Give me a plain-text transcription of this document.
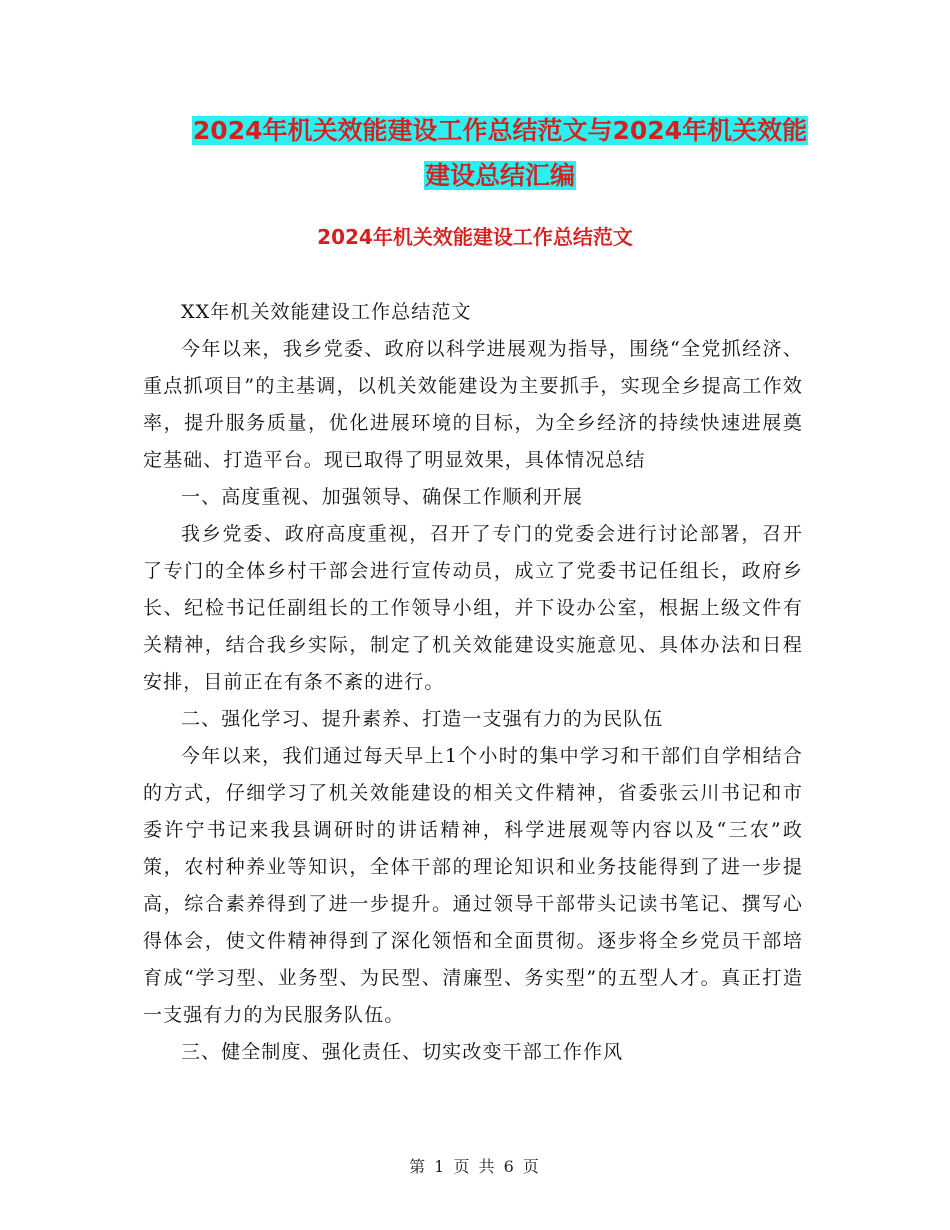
2024年机关效能建设工作总结范文与2024年机关效能
建设总结汇编
2024年机关效能建设工作总结范文

XX年机关效能建设工作总结范文

今年以来，我乡党委、政府以科学进展观为指导，围绕“全党抓经济、重点抓项目”的主基调，以机关效能建设为主要抓手，实现全乡提高工作效率，提升服务质量，优化进展环境的目标，为全乡经济的持续快速进展奠定基础、打造平台。现已取得了明显效果，具体情况总结

一、高度重视、加强领导、确保工作顺利开展

我乡党委、政府高度重视，召开了专门的党委会进行讨论部署，召开了专门的全体乡村干部会进行宣传动员，成立了党委书记任组长，政府乡长、纪检书记任副组长的工作领导小组，并下设办公室，根据上级文件有关精神，结合我乡实际，制定了机关效能建设实施意见、具体办法和日程安排，目前正在有条不紊的进行。

二、强化学习、提升素养、打造一支强有力的为民队伍

今年以来，我们通过每天早上1个小时的集中学习和干部们自学相结合的方式，仔细学习了机关效能建设的相关文件精神，省委张云川书记和市委许宁书记来我县调研时的讲话精神，科学进展观等内容以及“三农”政策，农村种养业等知识，全体干部的理论知识和业务技能得到了进一步提高，综合素养得到了进一步提升。通过领导干部带头记读书笔记、撰写心得体会，使文件精神得到了深化领悟和全面贯彻。逐步将全乡党员干部培育成“学习型、业务型、为民型、清廉型、务实型”的五型人才。真正打造一支强有力的为民服务队伍。

三、健全制度、强化责任、切实改变干部工作作风

第 1 页 共 6 页
